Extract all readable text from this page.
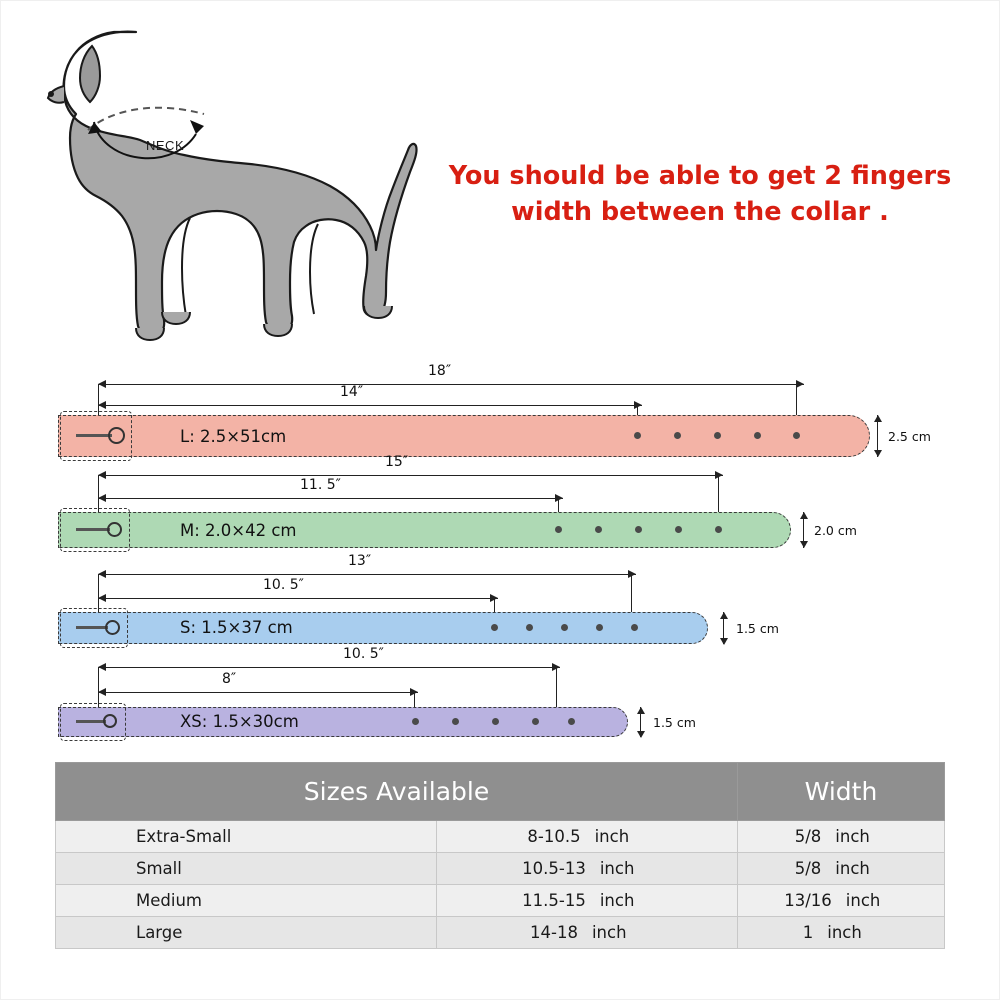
NECK
You should be able to get 2 fingers
width between the collar .
18″
14″
L: 2.5×51cm	2.5 cm
15″
11. 5″
M: 2.0×42 cm	2.0 cm
13″
10. 5″
S: 1.5×37 cm	1.5 cm
10. 5″
8″
XS: 1.5×30cm	1.5 cm
Sizes Available		Width
Extra-Small	8-10.5 inch	5/8 inch
Small	10.5-13 inch	5/8 inch
Medium	11.5-15 inch	13/16 inch
Large	14-18 inch	1 inch
